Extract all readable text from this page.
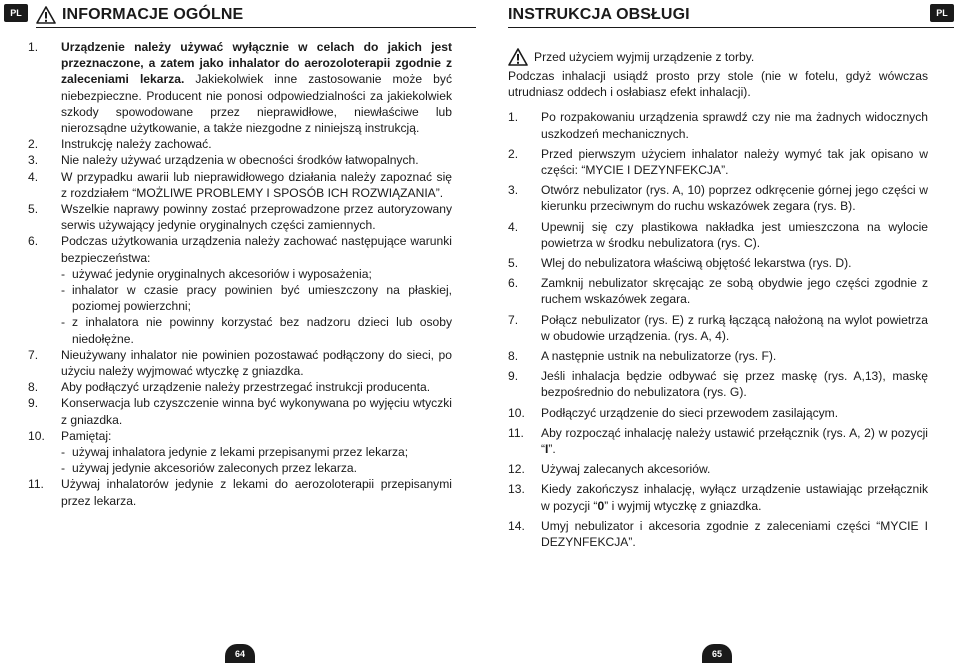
PL	INFORMACJE OGÓLNE
1.	Urządzenie należy używać wyłącznie w celach do jakich jest przeznaczone, a zatem jako inhalator do aerozoloterapii zgodnie z zaleceniami lekarza. Jakiekolwiek inne zastosowanie może być niebezpieczne. Producent nie ponosi odpowiedzialności za jakiekolwiek szkody spowodowane przez nieprawidłowe, niewłaściwe lub nierozsądne użytkowanie, a także niezgodne z niniejszą instrukcją.
2.	Instrukcję należy zachować.
3.	Nie należy używać urządzenia w obecności środków łatwopalnych.
4.	W przypadku awarii lub nieprawidłowego działania należy zapoznać się z rozdziałem “MOŻLIWE PROBLEMY I SPOSÓB ICH ROZWIĄZANIA”.
5.	Wszelkie naprawy powinny zostać przeprowadzone przez autoryzowany serwis używający jedynie oryginalnych części zamiennych.
6.	Podczas użytkowania urządzenia należy zachować następujące warunki bezpieczeństwa:
- używać jedynie oryginalnych akcesoriów i wyposażenia;
- inhalator w czasie pracy powinien być umieszczony na płaskiej, poziomej powierzchni;
- z inhalatora nie powinny korzystać bez nadzoru dzieci lub osoby niedołężne.
7.	Nieużywany inhalator nie powinien pozostawać podłączony do sieci, po użyciu należy wyjmować wtyczkę z gniazdka.
8.	Aby podłączyć urządzenie należy przestrzegać instrukcji producenta.
9.	Konserwacja lub czyszczenie winna być wykonywana po wyjęciu wtyczki z gniazdka.
10.	Pamiętaj:
- używaj inhalatora jedynie z lekami przepisanymi przez lekarza;
- używaj jedynie akcesoriów zaleconych przez lekarza.
11.	Używaj inhalatorów jedynie z lekami do aerozoloterapii przepisanymi przez lekarza.
64
PL
INSTRUKCJA OBSŁUGI
Przed użyciem wyjmij urządzenie z torby.
Podczas inhalacji usiądź prosto przy stole (nie w fotelu, gdyż wówczas utrudniasz oddech i osłabiasz efekt inhalacji).
1.	Po rozpakowaniu urządzenia sprawdź czy nie ma żadnych widocznych uszkodzeń mechanicznych.
2.	Przed pierwszym użyciem inhalator należy wymyć tak jak opisano w części: “MYCIE I DEZYNFEKCJA”.
3.	Otwórz nebulizator (rys. A, 10) poprzez odkręcenie górnej jego części w kierunku przeciwnym do ruchu wskazówek zegara (rys. B).
4.	Upewnij się czy plastikowa nakładka jest umieszczona na wylocie powietrza w środku nebulizatora (rys. C).
5.	Wlej do nebulizatora właściwą objętość lekarstwa (rys. D).
6.	Zamknij nebulizator skręcając ze sobą obydwie jego części zgodnie z ruchem wskazówek zegara.
7.	Połącz nebulizator (rys. E) z rurką łączącą nałożoną na wylot powietrza w obudowie urządzenia. (rys. A, 4).
8.	A następnie ustnik na nebulizatorze (rys. F).
9.	Jeśli inhalacja będzie odbywać się przez maskę (rys. A,13), maskę bezpośrednio do nebulizatora (rys. G).
10.	Podłączyć urządzenie do sieci przewodem zasilającym.
11.	Aby rozpocząć inhalację należy ustawić przełącznik (rys. A, 2) w pozycji “I”.
12.	Używaj zalecanych akcesoriów.
13.	Kiedy zakończysz inhalację, wyłącz urządzenie ustawiając przełącznik w pozycji “0” i wyjmij wtyczkę z gniazdka.
14.	Umyj nebulizator i akcesoria zgodnie z zaleceniami części “MYCIE I DEZYNFEKCJA”.
65
